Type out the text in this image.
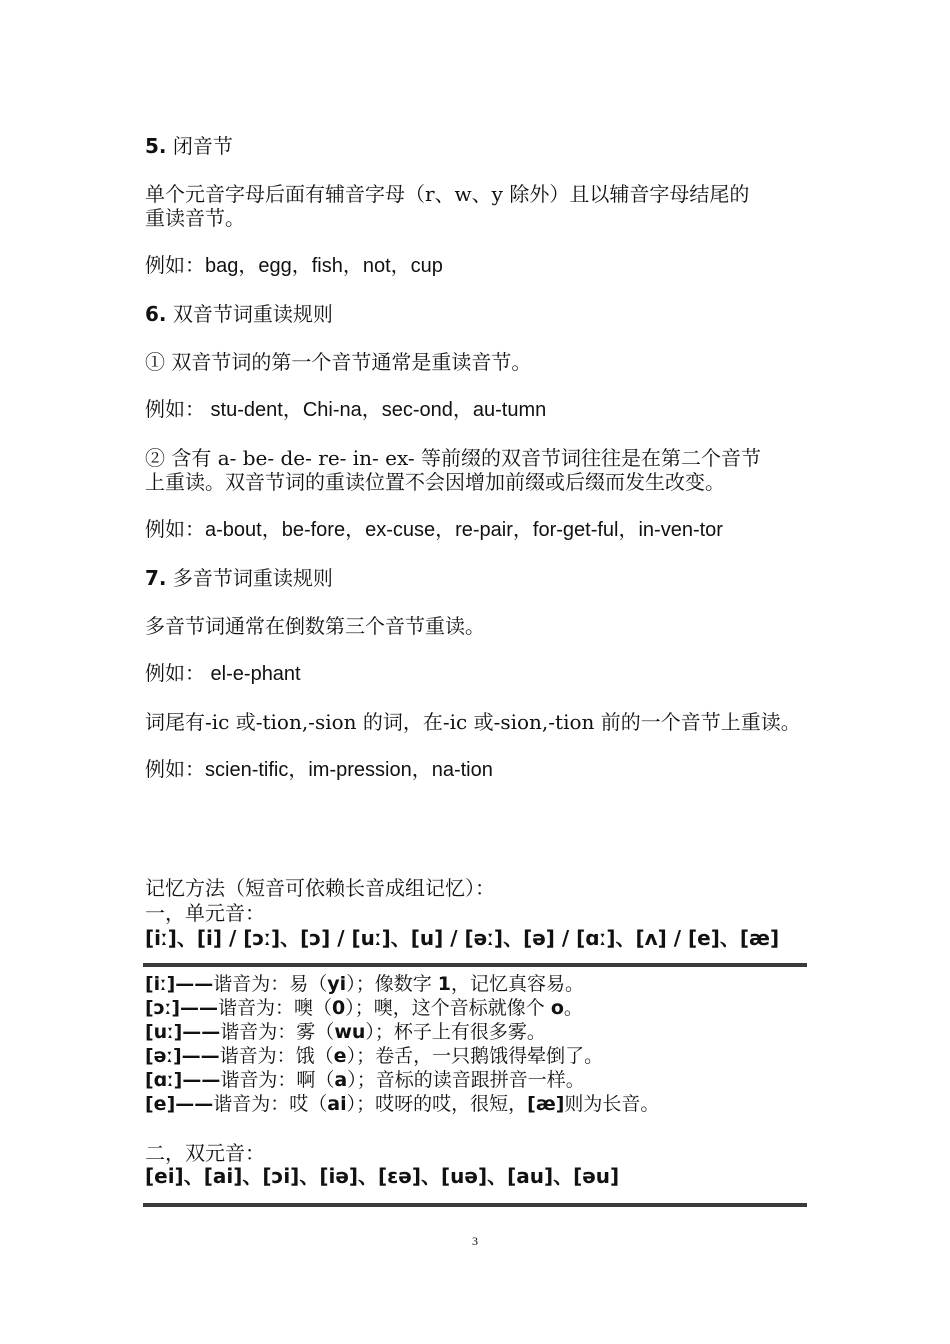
5. 闭音节
单个元音字母后面有辅音字母（r、w、y 除外）且以辅音字母结尾的
重读音节。
例如：bag，egg，fish，not，cup
6. 双音节词重读规则
① 双音节词的第一个音节通常是重读音节。
例如： stu-dent，Chi-na，sec-ond，au-tumn
② 含有 a- be- de- re- in- ex- 等前缀的双音节词往往是在第二个音节
上重读。双音节词的重读位置不会因增加前缀或后缀而发生改变。
例如：a-bout，be-fore，ex-cuse，re-pair，for-get-ful，in-ven-tor
7. 多音节词重读规则
多音节词通常在倒数第三个音节重读。
例如： el-e-phant
词尾有-ic 或-tion,-sion 的词，在-ic 或-sion,-tion 前的一个音节上重读。
例如：scien-tific，im-pression，na-tion
记忆方法（短音可依赖长音成组记忆）：
一，单元音：
[iː]、[i] / [ɔː]、[ɔ] / [uː]、[u] / [əː]、[ə] / [ɑː]、[ʌ] / [e]、[æ]
[iː]——谐音为：易（yi）；像数字 1，记忆真容易。
[ɔː]——谐音为：噢（0）；噢，这个音标就像个 o。
[uː]——谐音为：雾（wu）；杯子上有很多雾。
[əː]——谐音为：饿（e）；卷舌，一只鹅饿得晕倒了。
[ɑː]——谐音为：啊（a）；音标的读音跟拼音一样。
[e]——谐音为：哎（ai）；哎呀的哎，很短，[æ]则为长音。
二，双元音：
[ei]、[ai]、[ɔi]、[iə]、[ɛə]、[uə]、[au]、[əu]
3
